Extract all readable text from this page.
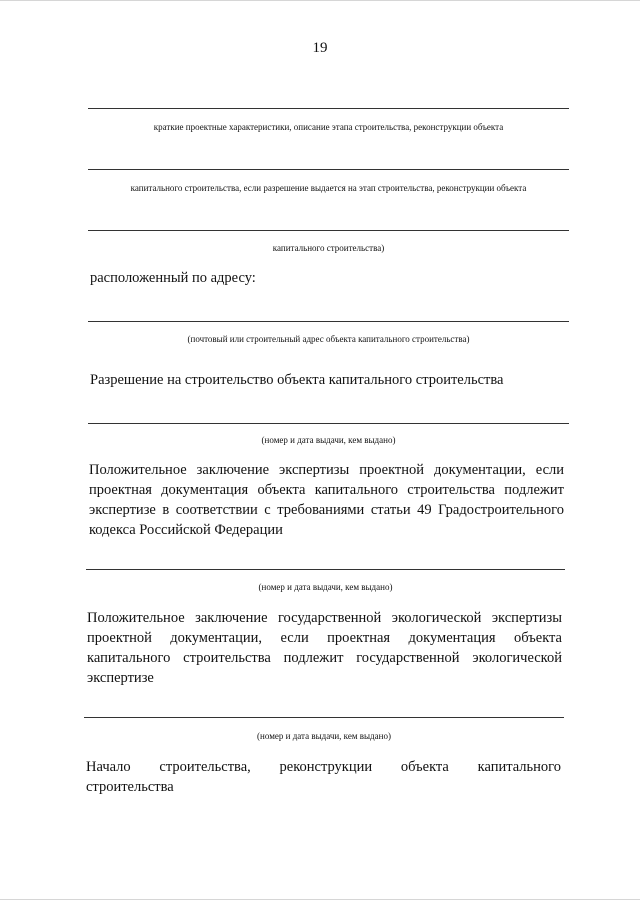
19
краткие проектные характеристики, описание этапа строительства, реконструкции объекта
капитального строительства, если разрешение выдается на этап строительства, реконструкции объекта
капитального строительства)
расположенный по адресу:
(почтовый или строительный адрес объекта капитального строительства)
Разрешение на строительство объекта капитального строительства
(номер и дата выдачи, кем выдано)
Положительное заключение экспертизы проектной документации, если
проектная документация объекта капитального строительства подлежит
экспертизе в соответствии с требованиями статьи 49 Градостроительного
кодекса Российской Федерации
(номер и дата выдачи, кем выдано)
Положительное заключение государственной экологической экспертизы
проектной документации, если проектная документация объекта
капитального строительства подлежит государственной экологической
экспертизе
(номер и дата выдачи, кем выдано)
Начало строительства, реконструкции объекта капитального
строительства
